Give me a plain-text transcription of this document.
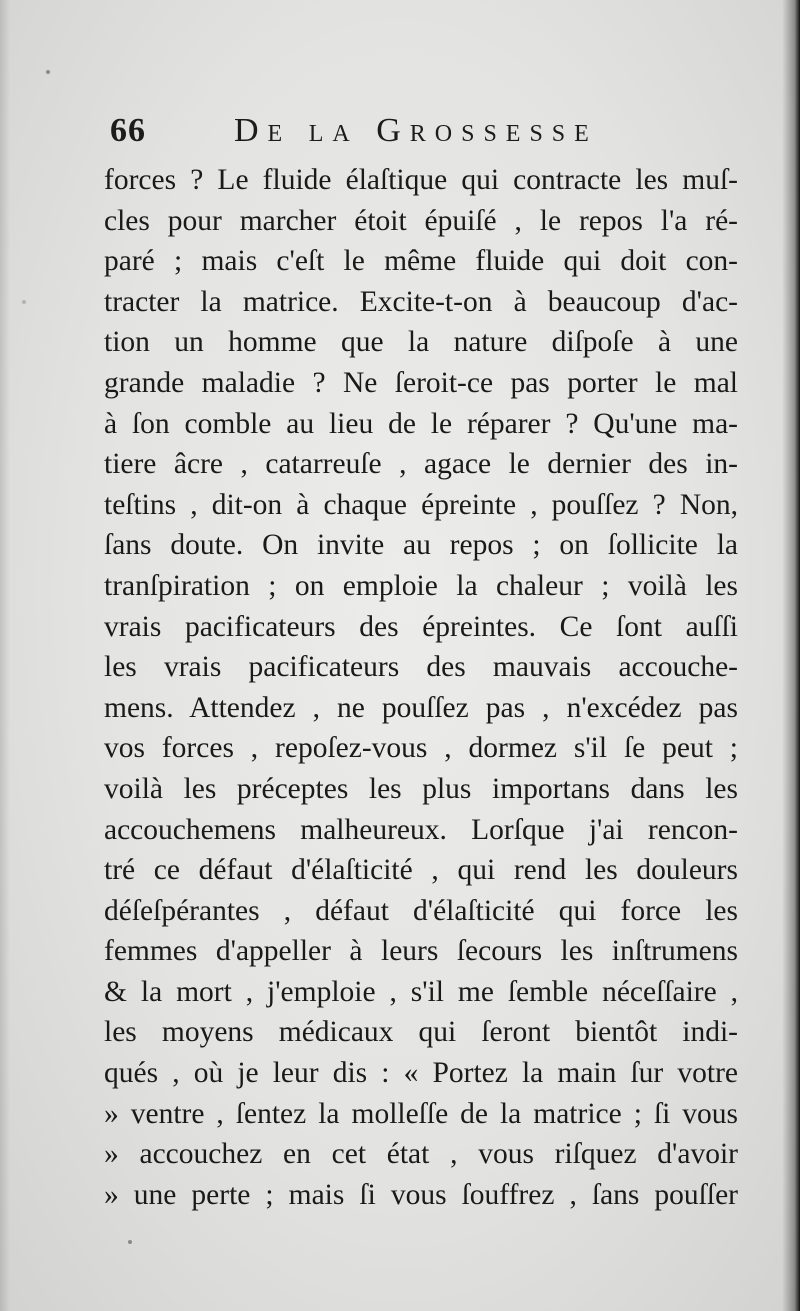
66	De la Grossesse
forces ? Le fluide élaſtique qui contracte les muſ-
cles pour marcher étoit épuiſé , le repos l'a ré-
paré ; mais c'eſt le même fluide qui doit con-
tracter la matrice. Excite-t-on à beaucoup d'ac-
tion un homme que la nature diſpoſe à une
grande maladie ? Ne ſeroit-ce pas porter le mal
à ſon comble au lieu de le réparer ? Qu'une ma-
tiere âcre , catarreuſe , agace le dernier des in-
teſtins , dit-on à chaque épreinte , pouſſez ? Non,
ſans doute. On invite au repos ; on ſollicite la
tranſpiration ; on emploie la chaleur ; voilà les
vrais pacificateurs des épreintes. Ce ſont auſſi
les vrais pacificateurs des mauvais accouche-
mens. Attendez , ne pouſſez pas , n'excédez pas
vos forces , repoſez-vous , dormez s'il ſe peut ;
voilà les préceptes les plus importans dans les
accouchemens malheureux. Lorſque j'ai rencon-
tré ce défaut d'élaſticité , qui rend les douleurs
déſeſpérantes , défaut d'élaſticité qui force les
femmes d'appeller à leurs ſecours les inſtrumens
& la mort , j'emploie , s'il me ſemble néceſſaire ,
les moyens médicaux qui ſeront bientôt indi-
qués , où je leur dis : « Portez la main ſur votre
» ventre , ſentez la molleſſe de la matrice ; ſi vous
» accouchez en cet état , vous riſquez d'avoir
» une perte ; mais ſi vous ſouffrez , ſans pouſſer
